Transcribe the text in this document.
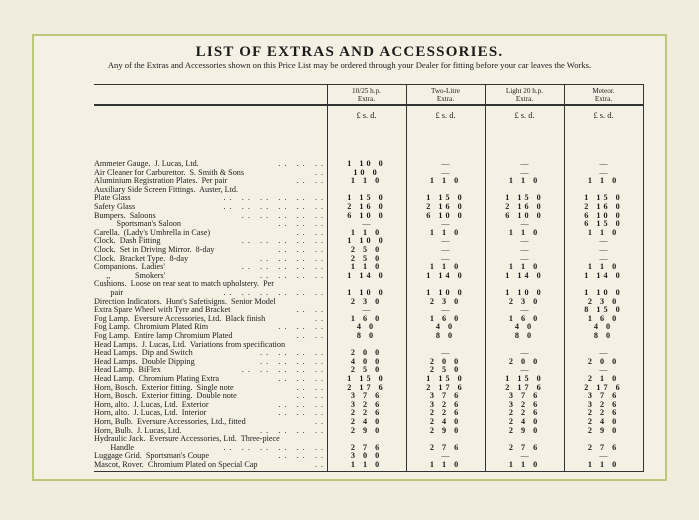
LIST OF EXTRAS AND ACCESSORIES.
Any of the Extras and Accessories shown on this Price List may be ordered through your Dealer for fitting before your car leaves the Works.
10/25 h.p.
Extra.
£ s. d.
Two-Litre
Extra.
£ s. d.
Light 20 h.p.
Extra.
£ s. d.
Meteor.
Extra.
£ s. d.
Ammeter Gauge.  J. Lucas, Ltd.	. .   . .   . .	1 10 0	—	—	—
Air Cleaner for Carburettor.  S. Smith & Sons	. .	10 0	—	—	—
Aluminium Registration Plates.  Per pair	. .   . .	1 1 0	1 1 0	1 1 0	1 1 0
Auxiliary Side Screen Fittings.  Auster, Ltd.
Plate Glass	. .   . .   . .   . .   . .   . .	1 15 0	1 15 0	1 15 0	1 15 0
Safety Glass	. .   . .   . .   . .   . .   . .	2 16 0	2 16 0	2 16 0	2 16 0
Bumpers.  Saloons	. .   . .   . .   . .   . .	6 10 0	6 10 0	6 10 0	6 10 0
Sportsman's Saloon	. .   . .   . .	—	—	—	6 15 0
Carella.  (Lady's Umbrella in Case)	. .   . .	1 1 0	1 1 0	1 1 0	1 1 0
Clock.  Dash Fitting	. .   . .   . .   . .   . .	1 10 0	—	—	—
Clock.  Set in Driving Mirror.  8-day	. .   . .   . .	2 5 0	—	—	—
Clock.  Bracket Type.  8-day	. .   . .   . .   . .	2 5 0	—	—	—
Companions.  Ladies'	. .   . .   . .   . .   . .	1 1 0	1 1 0	1 1 0	1 1 0
,,            Smokers'	. .   . .   . .   . .	1 14 0	1 14 0	1 14 0	1 14 0
Cushions.  Loose on rear seat to match upholstery.  Per
pair	. .   . .   . .   . .   . .   . .	1 10 0	1 10 0	1 10 0	1 10 0
Direction Indicators.  Hunt's Safetisigns.  Senior Model	2 3 0	2 3 0	2 3 0	2 3 0
Extra Spare Wheel with Tyre and Bracket	. .   . .	—	—	—	8 15 0
Fog Lamp.  Eversure Accessories, Ltd.  Black finish	. .	1 6 0	1 6 0	1 6 0	1 6 0
Fog Lamp.  Chromium Plated Rim	. .   . .   . .	4 0	4 0	4 0	4 0
Fog Lamp.  Entire lamp Chromium Plated	. .   . .	8 0	8 0	8 0	8 0
Head Lamps.  J. Lucas, Ltd.  Variations from specification
Head Lamps.  Dip and Switch	. .   . .   . .   . .	2 0 0	—	—	—
Head Lamps.  Double Dipping	. .   . .   . .   . .	4 0 0	2 0 0	2 0 0	2 0 0
Head Lamp.  BiFlex	. .   . .   . .   . .   . .	2 5 0	2 5 0	—	—
Head Lamp.  Chromium Plating Extra	. .   . .   . .	1 15 0	1 15 0	1 15 0	2 1 0
Horn, Bosch.  Exterior fitting.  Single note	. .   . .	2 17 6	2 17 6	2 17 6	2 17 6
Horn, Bosch.  Exterior fitting.  Double note	. .   . .	3 7 6	3 7 6	3 7 6	3 7 6
Horn, alto.  J. Lucas, Ltd.  Exterior	. .   . .   . .	3 2 6	3 2 6	3 2 6	3 2 6
Horn, alto.  J. Lucas, Ltd.  Interior	. .   . .   . .	2 2 6	2 2 6	2 2 6	2 2 6
Horn, Bulb.  Eversure Accessories, Ltd., fitted	. .	2 4 0	2 4 0	2 4 0	2 4 0
Horn, Bulb.  J. Lucas, Ltd.	. .   . .   . .   . .	2 9 0	2 9 0	2 9 0	2 9 0
Hydraulic Jack.  Eversure Accessories, Ltd.  Three-piece
Handle	. .   . .   . .   . .   . .   . .	2 7 6	2 7 6	2 7 6	2 7 6
Luggage Grid.  Sportsman's Coupe	. .   . .   . .	3 0 0	—	—	—
Mascot, Rover.  Chromium Plated on Special Cap	. .	1 1 0	1 1 0	1 1 0	1 1 0
